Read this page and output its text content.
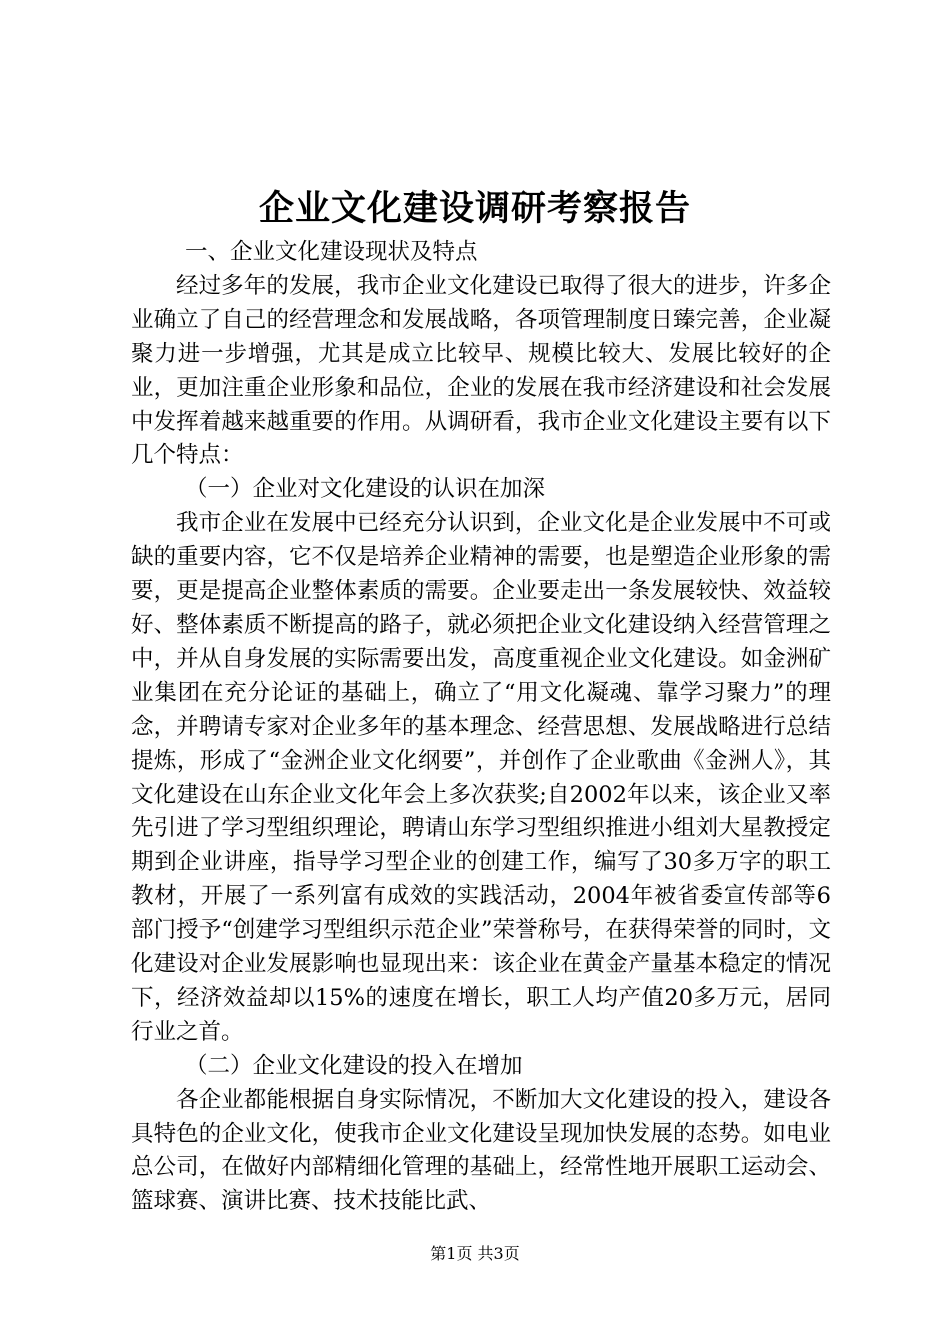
企业文化建设调研考察报告

一、企业文化建设现状及特点

经过多年的发展，我市企业文化建设已取得了很大的进步，许多企业确立了自己的经营理念和发展战略，各项管理制度日臻完善，企业凝聚力进一步增强，尤其是成立比较早、规模比较大、发展比较好的企业，更加注重企业形象和品位，企业的发展在我市经济建设和社会发展中发挥着越来越重要的作用。从调研看，我市企业文化建设主要有以下几个特点：

（一）企业对文化建设的认识在加深

我市企业在发展中已经充分认识到，企业文化是企业发展中不可或缺的重要内容，它不仅是培养企业精神的需要，也是塑造企业形象的需要，更是提高企业整体素质的需要。企业要走出一条发展较快、效益较好、整体素质不断提高的路子，就必须把企业文化建设纳入经营管理之中，并从自身发展的实际需要出发，高度重视企业文化建设。如金洲矿业集团在充分论证的基础上，确立了“用文化凝魂、靠学习聚力”的理念，并聘请专家对企业多年的基本理念、经营思想、发展战略进行总结提炼，形成了“金洲企业文化纲要”，并创作了企业歌曲《金洲人》，其文化建设在山东企业文化年会上多次获奖;自2002年以来，该企业又率先引进了学习型组织理论，聘请山东学习型组织推进小组刘大星教授定期到企业讲座，指导学习型企业的创建工作，编写了30多万字的职工教材，开展了一系列富有成效的实践活动，2004年被省委宣传部等6部门授予“创建学习型组织示范企业”荣誉称号，在获得荣誉的同时，文化建设对企业发展影响也显现出来：该企业在黄金产量基本稳定的情况下，经济效益却以15%的速度在增长，职工人均产值20多万元，居同行业之首。

（二）企业文化建设的投入在增加

各企业都能根据自身实际情况，不断加大文化建设的投入，建设各具特色的企业文化，使我市企业文化建设呈现加快发展的态势。如电业总公司，在做好内部精细化管理的基础上，经常性地开展职工运动会、篮球赛、演讲比赛、技术技能比武、

第1页 共3页
